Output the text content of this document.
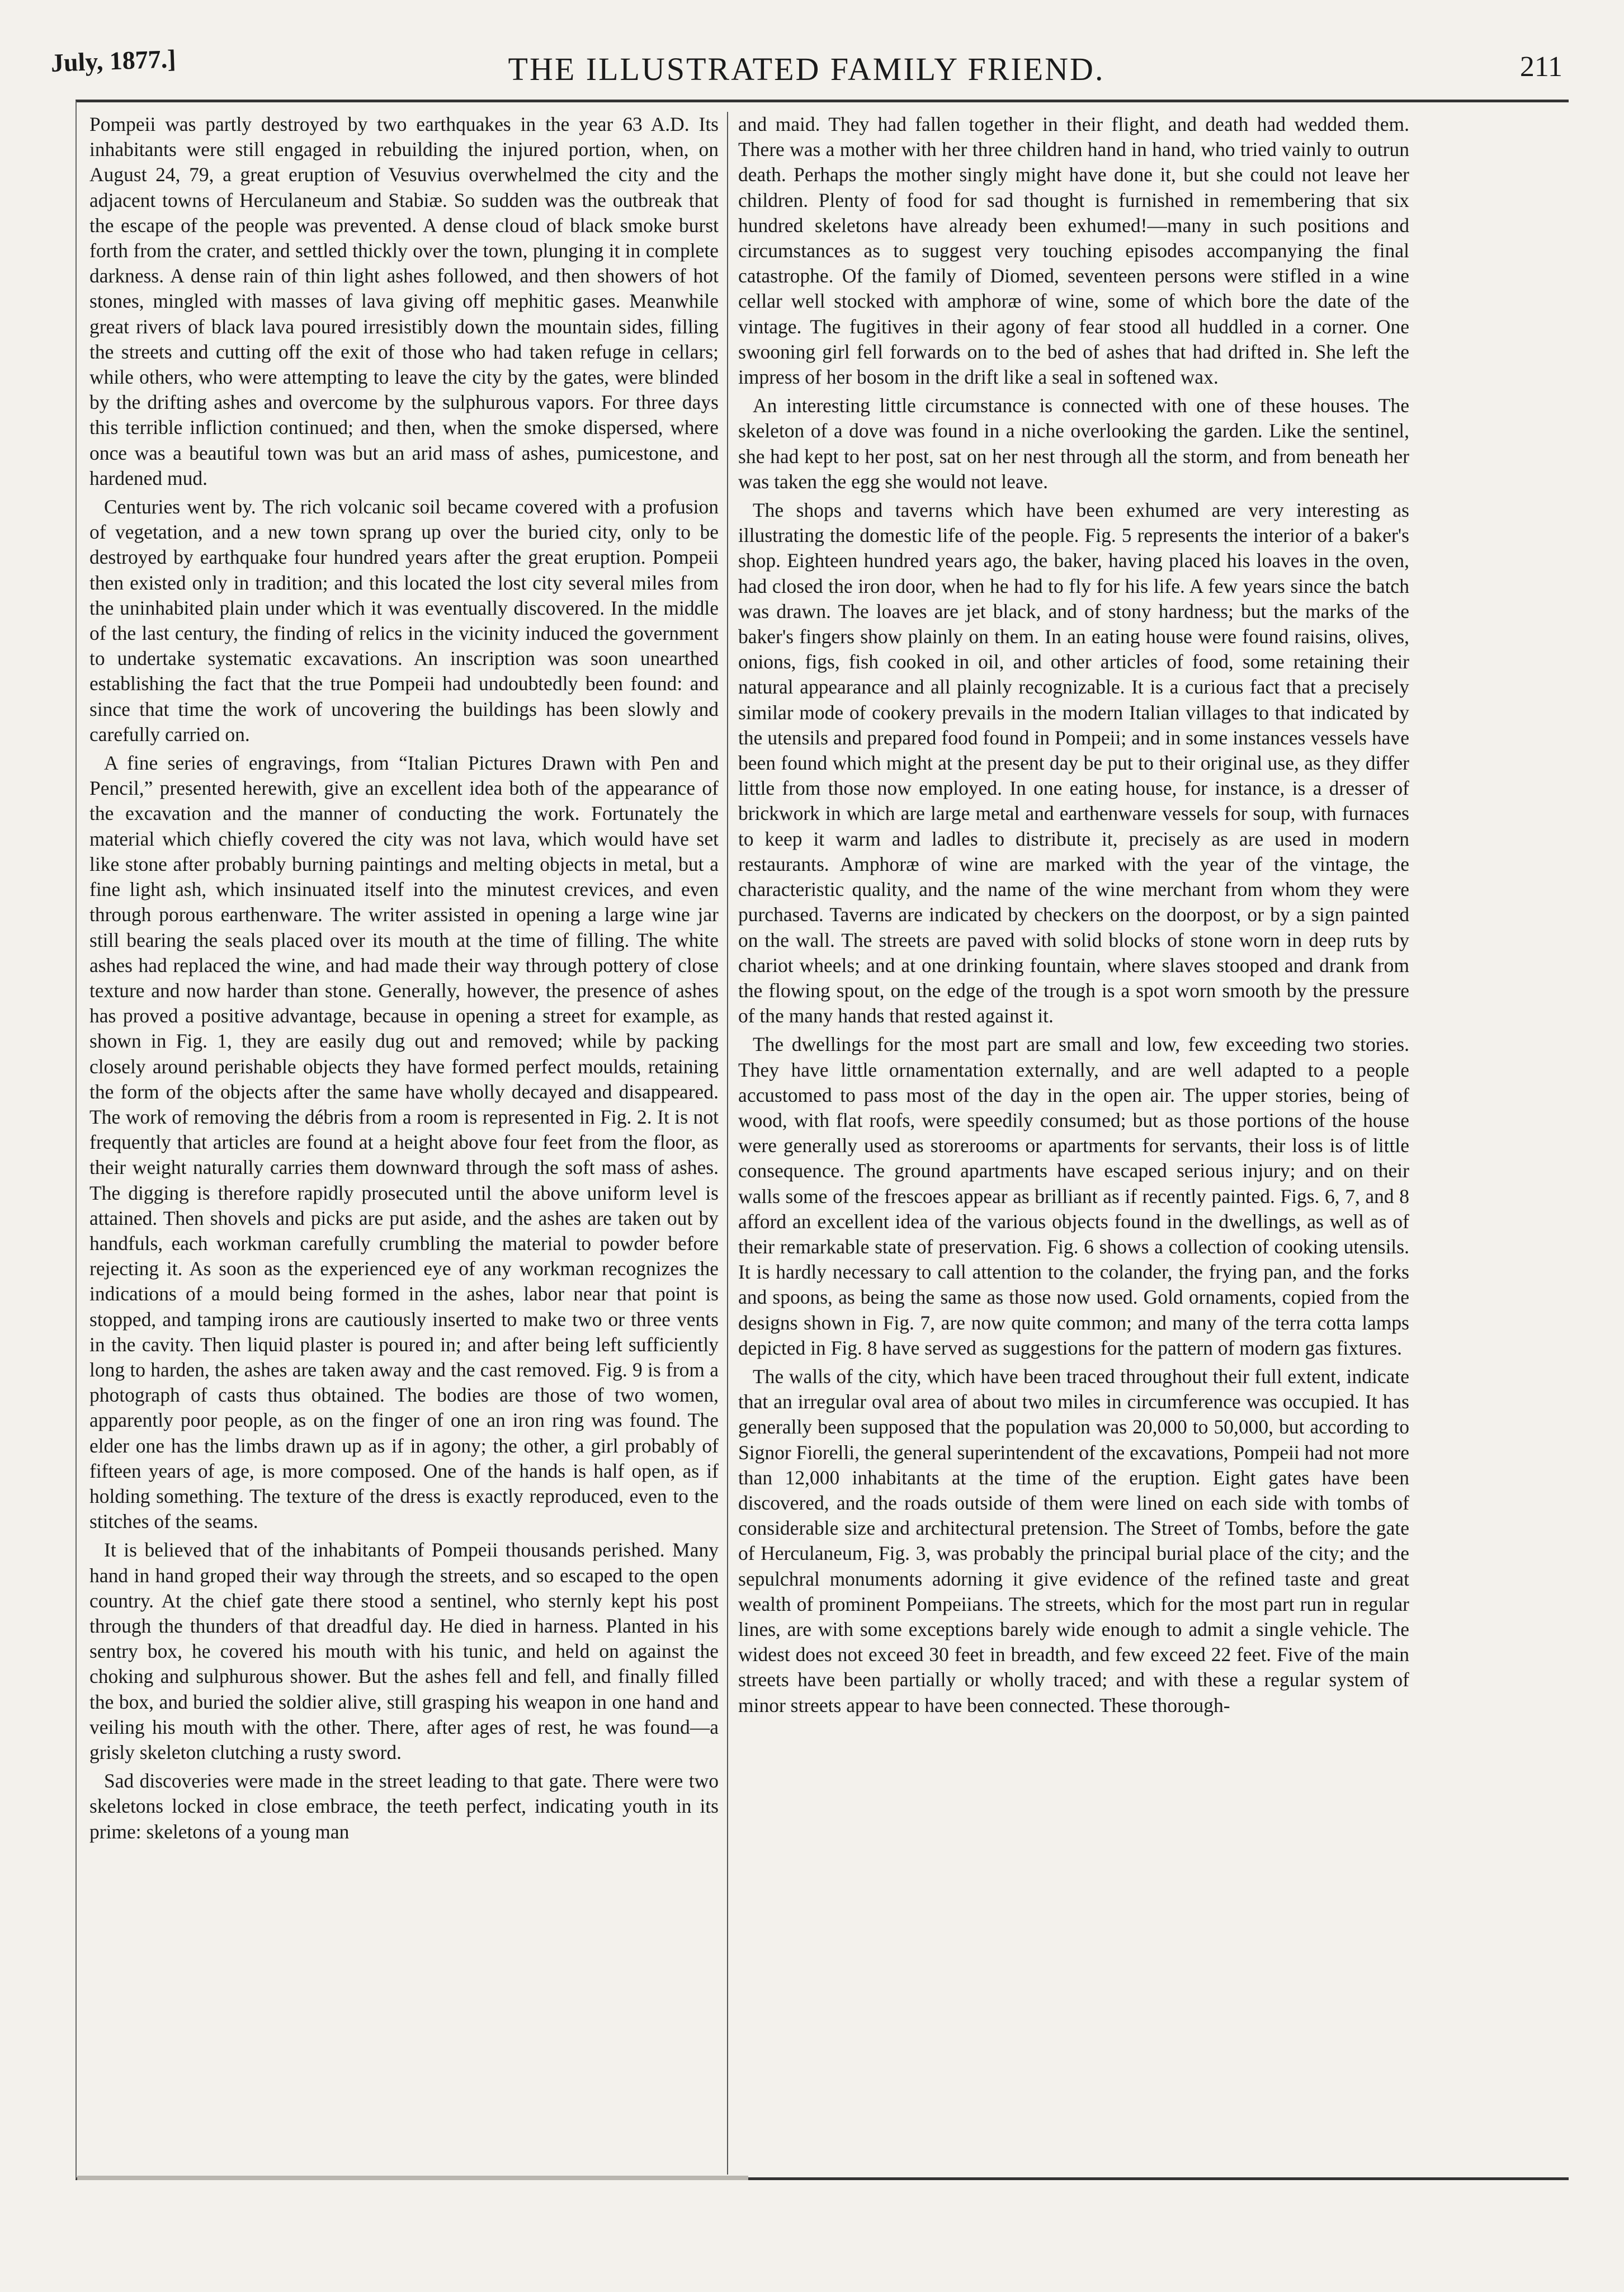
July, 1877.]	THE ILLUSTRATED FAMILY FRIEND.	211

Pompeii was partly destroyed by two earthquakes in the year 63 A.D. Its inhabitants were still engaged in rebuilding the injured portion, when, on August 24, 79, a great eruption of Vesuvius overwhelmed the city and the adjacent towns of Herculaneum and Stabiæ. So sudden was the outbreak that the escape of the people was prevented. A dense cloud of black smoke burst forth from the crater, and settled thickly over the town, plunging it in complete darkness. A dense rain of thin light ashes followed, and then showers of hot stones, mingled with masses of lava giving off mephitic gases. Meanwhile great rivers of black lava poured irresistibly down the mountain sides, filling the streets and cutting off the exit of those who had taken refuge in cellars; while others, who were attempting to leave the city by the gates, were blinded by the drifting ashes and overcome by the sulphurous vapors. For three days this terrible infliction continued; and then, when the smoke dispersed, where once was a beautiful town was but an arid mass of ashes, pumicestone, and hardened mud.

Centuries went by. The rich volcanic soil became covered with a profusion of vegetation, and a new town sprang up over the buried city, only to be destroyed by earthquake four hundred years after the great eruption. Pompeii then existed only in tradition; and this located the lost city several miles from the uninhabited plain under which it was eventually discovered. In the middle of the last century, the finding of relics in the vicinity induced the government to undertake systematic excavations. An inscription was soon unearthed establishing the fact that the true Pompeii had undoubtedly been found: and since that time the work of uncovering the buildings has been slowly and carefully carried on.

A fine series of engravings, from “Italian Pictures Drawn with Pen and Pencil,” presented herewith, give an excellent idea both of the appearance of the excavation and the manner of conducting the work. Fortunately the material which chiefly covered the city was not lava, which would have set like stone after probably burning paintings and melting objects in metal, but a fine light ash, which insinuated itself into the minutest crevices, and even through porous earthenware. The writer assisted in opening a large wine jar still bearing the seals placed over its mouth at the time of filling. The white ashes had replaced the wine, and had made their way through pottery of close texture and now harder than stone. Generally, however, the presence of ashes has proved a positive advantage, because in opening a street for example, as shown in Fig. 1, they are easily dug out and removed; while by packing closely around perishable objects they have formed perfect moulds, retaining the form of the objects after the same have wholly decayed and disappeared. The work of removing the débris from a room is represented in Fig. 2. It is not frequently that articles are found at a height above four feet from the floor, as their weight naturally carries them downward through the soft mass of ashes. The digging is therefore rapidly prosecuted until the above uniform level is attained. Then shovels and picks are put aside, and the ashes are taken out by handfuls, each workman carefully crumbling the material to powder before rejecting it. As soon as the experienced eye of any workman recognizes the indications of a mould being formed in the ashes, labor near that point is stopped, and tamping irons are cautiously inserted to make two or three vents in the cavity. Then liquid plaster is poured in; and after being left sufficiently long to harden, the ashes are taken away and the cast removed. Fig. 9 is from a photograph of casts thus obtained. The bodies are those of two women, apparently poor people, as on the finger of one an iron ring was found. The elder one has the limbs drawn up as if in agony; the other, a girl probably of fifteen years of age, is more composed. One of the hands is half open, as if holding something. The texture of the dress is exactly reproduced, even to the stitches of the seams.

It is believed that of the inhabitants of Pompeii thousands perished. Many hand in hand groped their way through the streets, and so escaped to the open country. At the chief gate there stood a sentinel, who sternly kept his post through the thunders of that dreadful day. He died in harness. Planted in his sentry box, he covered his mouth with his tunic, and held on against the choking and sulphurous shower. But the ashes fell and fell, and finally filled the box, and buried the soldier alive, still grasping his weapon in one hand and veiling his mouth with the other. There, after ages of rest, he was found—a grisly skeleton clutching a rusty sword.

Sad discoveries were made in the street leading to that gate. There were two skeletons locked in close embrace, the teeth perfect, indicating youth in its prime: skeletons of a young man

and maid. They had fallen together in their flight, and death had wedded them. There was a mother with her three children hand in hand, who tried vainly to outrun death. Perhaps the mother singly might have done it, but she could not leave her children. Plenty of food for sad thought is furnished in remembering that six hundred skeletons have already been exhumed!—many in such positions and circumstances as to suggest very touching episodes accompanying the final catastrophe. Of the family of Diomed, seventeen persons were stifled in a wine cellar well stocked with amphoræ of wine, some of which bore the date of the vintage. The fugitives in their agony of fear stood all huddled in a corner. One swooning girl fell forwards on to the bed of ashes that had drifted in. She left the impress of her bosom in the drift like a seal in softened wax.

An interesting little circumstance is connected with one of these houses. The skeleton of a dove was found in a niche overlooking the garden. Like the sentinel, she had kept to her post, sat on her nest through all the storm, and from beneath her was taken the egg she would not leave.

The shops and taverns which have been exhumed are very interesting as illustrating the domestic life of the people. Fig. 5 represents the interior of a baker's shop. Eighteen hundred years ago, the baker, having placed his loaves in the oven, had closed the iron door, when he had to fly for his life. A few years since the batch was drawn. The loaves are jet black, and of stony hardness; but the marks of the baker's fingers show plainly on them. In an eating house were found raisins, olives, onions, figs, fish cooked in oil, and other articles of food, some retaining their natural appearance and all plainly recognizable. It is a curious fact that a precisely similar mode of cookery prevails in the modern Italian villages to that indicated by the utensils and prepared food found in Pompeii; and in some instances vessels have been found which might at the present day be put to their original use, as they differ little from those now employed. In one eating house, for instance, is a dresser of brickwork in which are large metal and earthenware vessels for soup, with furnaces to keep it warm and ladles to distribute it, precisely as are used in modern restaurants. Amphoræ of wine are marked with the year of the vintage, the characteristic quality, and the name of the wine merchant from whom they were purchased. Taverns are indicated by checkers on the doorpost, or by a sign painted on the wall. The streets are paved with solid blocks of stone worn in deep ruts by chariot wheels; and at one drinking fountain, where slaves stooped and drank from the flowing spout, on the edge of the trough is a spot worn smooth by the pressure of the many hands that rested against it.

The dwellings for the most part are small and low, few exceeding two stories. They have little ornamentation externally, and are well adapted to a people accustomed to pass most of the day in the open air. The upper stories, being of wood, with flat roofs, were speedily consumed; but as those portions of the house were generally used as storerooms or apartments for servants, their loss is of little consequence. The ground apartments have escaped serious injury; and on their walls some of the frescoes appear as brilliant as if recently painted. Figs. 6, 7, and 8 afford an excellent idea of the various objects found in the dwellings, as well as of their remarkable state of preservation. Fig. 6 shows a collection of cooking utensils. It is hardly necessary to call attention to the colander, the frying pan, and the forks and spoons, as being the same as those now used. Gold ornaments, copied from the designs shown in Fig. 7, are now quite common; and many of the terra cotta lamps depicted in Fig. 8 have served as suggestions for the pattern of modern gas fixtures.

The walls of the city, which have been traced throughout their full extent, indicate that an irregular oval area of about two miles in circumference was occupied. It has generally been supposed that the population was 20,000 to 50,000, but according to Signor Fiorelli, the general superintendent of the excavations, Pompeii had not more than 12,000 inhabitants at the time of the eruption. Eight gates have been discovered, and the roads outside of them were lined on each side with tombs of considerable size and architectural pretension. The Street of Tombs, before the gate of Herculaneum, Fig. 3, was probably the principal burial place of the city; and the sepulchral monuments adorning it give evidence of the refined taste and great wealth of prominent Pompeiians. The streets, which for the most part run in regular lines, are with some exceptions barely wide enough to admit a single vehicle. The widest does not exceed 30 feet in breadth, and few exceed 22 feet. Five of the main streets have been partially or wholly traced; and with these a regular system of minor streets appear to have been connected. These thorough-
